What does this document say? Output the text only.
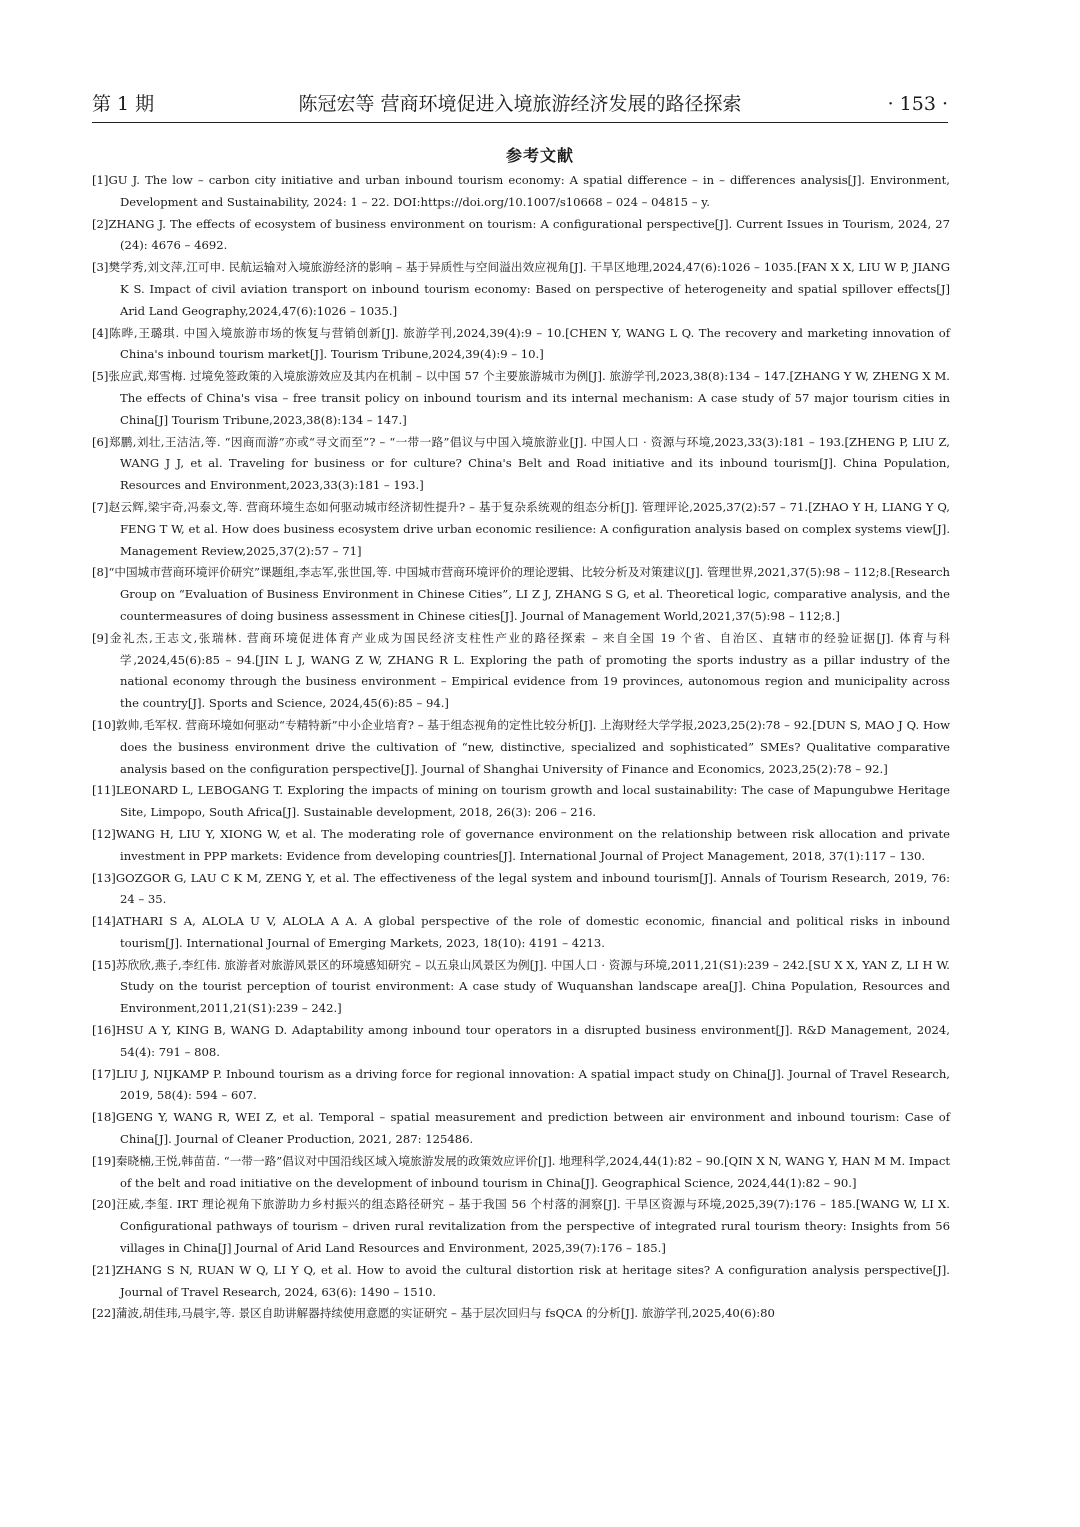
第 1 期	陈冠宏等 营商环境促进入境旅游经济发展的路径探索	· 153 ·
参考文献

[1]GU J. The low – carbon city initiative and urban inbound tourism economy: A spatial difference – in – differences analysis[J]. Environment, Development and Sustainability, 2024: 1 – 22. DOI:https://doi.org/10.1007/s10668 – 024 – 04815 – y.

[2]ZHANG J. The effects of ecosystem of business environment on tourism: A configurational perspective[J]. Current Issues in Tourism, 2024, 27 (24): 4676 – 4692.

[3]樊学秀,刘文萍,江可申. 民航运输对入境旅游经济的影响 – 基于异质性与空间溢出效应视角[J]. 干旱区地理,2024,47(6):1026 – 1035.[FAN X X, LIU W P, JIANG K S. Impact of civil aviation transport on inbound tourism economy: Based on perspective of heterogeneity and spatial spillover effects[J] Arid Land Geography,2024,47(6):1026 – 1035.]

[4]陈晔,王璐琪. 中国入境旅游市场的恢复与营销创新[J]. 旅游学刊,2024,39(4):9 – 10.[CHEN Y, WANG L Q. The recovery and marketing innovation of China's inbound tourism market[J]. Tourism Tribune,2024,39(4):9 – 10.]

[5]张应武,郑雪梅. 过境免签政策的入境旅游效应及其内在机制 – 以中国 57 个主要旅游城市为例[J]. 旅游学刊,2023,38(8):134 – 147.[ZHANG Y W, ZHENG X M. The effects of China's visa – free transit policy on inbound tourism and its internal mechanism: A case study of 57 major tourism cities in China[J] Tourism Tribune,2023,38(8):134 – 147.]

[6]郑鹏,刘壮,王洁洁,等. “因商而游”亦或“寻文而至”? – “一带一路”倡议与中国入境旅游业[J]. 中国人口 · 资源与环境,2023,33(3):181 – 193.[ZHENG P, LIU Z, WANG J J, et al. Traveling for business or for culture? China's Belt and Road initiative and its inbound tourism[J]. China Population, Resources and Environment,2023,33(3):181 – 193.]

[7]赵云辉,梁宇奇,冯泰文,等. 营商环境生态如何驱动城市经济韧性提升? – 基于复杂系统观的组态分析[J]. 管理评论,2025,37(2):57 – 71.[ZHAO Y H, LIANG Y Q, FENG T W, et al. How does business ecosystem drive urban economic resilience: A configuration analysis based on complex systems view[J]. Management Review,2025,37(2):57 – 71]

[8]“中国城市营商环境评价研究”课题组,李志军,张世国,等. 中国城市营商环境评价的理论逻辑、比较分析及对策建议[J]. 管理世界,2021,37(5):98 – 112;8.[Research Group on “Evaluation of Business Environment in Chinese Cities”, LI Z J, ZHANG S G, et al. Theoretical logic, comparative analysis, and the countermeasures of doing business assessment in Chinese cities[J]. Journal of Management World,2021,37(5):98 – 112;8.]

[9]金礼杰,王志文,张瑞林. 营商环境促进体育产业成为国民经济支柱性产业的路径探索 – 来自全国 19 个省、自治区、直辖市的经验证据[J]. 体育与科学,2024,45(6):85 – 94.[JIN L J, WANG Z W, ZHANG R L. Exploring the path of promoting the sports industry as a pillar industry of the national economy through the business environment – Empirical evidence from 19 provinces, autonomous region and municipality across the country[J]. Sports and Science, 2024,45(6):85 – 94.]

[10]敦帅,毛军权. 营商环境如何驱动“专精特新”中小企业培育? – 基于组态视角的定性比较分析[J]. 上海财经大学学报,2023,25(2):78 – 92.[DUN S, MAO J Q. How does the business environment drive the cultivation of “new, distinctive, specialized and sophisticated” SMEs? Qualitative comparative analysis based on the configuration perspective[J]. Journal of Shanghai University of Finance and Economics, 2023,25(2):78 – 92.]

[11]LEONARD L, LEBOGANG T. Exploring the impacts of mining on tourism growth and local sustainability: The case of Mapungubwe Heritage Site, Limpopo, South Africa[J]. Sustainable development, 2018, 26(3): 206 – 216.

[12]WANG H, LIU Y, XIONG W, et al. The moderating role of governance environment on the relationship between risk allocation and private investment in PPP markets: Evidence from developing countries[J]. International Journal of Project Management, 2018, 37(1):117 – 130.

[13]GOZGOR G, LAU C K M, ZENG Y, et al. The effectiveness of the legal system and inbound tourism[J]. Annals of Tourism Research, 2019, 76: 24 – 35.

[14]ATHARI S A, ALOLA U V, ALOLA A A. A global perspective of the role of domestic economic, financial and political risks in inbound tourism[J]. International Journal of Emerging Markets, 2023, 18(10): 4191 – 4213.

[15]苏欣欣,燕子,李红伟. 旅游者对旅游风景区的环境感知研究 – 以五泉山风景区为例[J]. 中国人口 · 资源与环境,2011,21(S1):239 – 242.[SU X X, YAN Z, LI H W. Study on the tourist perception of tourist environment: A case study of Wuquanshan landscape area[J]. China Population, Resources and Environment,2011,21(S1):239 – 242.]

[16]HSU A Y, KING B, WANG D. Adaptability among inbound tour operators in a disrupted business environment[J]. R&D Management, 2024, 54(4): 791 – 808.

[17]LIU J, NIJKAMP P. Inbound tourism as a driving force for regional innovation: A spatial impact study on China[J]. Journal of Travel Research, 2019, 58(4): 594 – 607.

[18]GENG Y, WANG R, WEI Z, et al. Temporal – spatial measurement and prediction between air environment and inbound tourism: Case of China[J]. Journal of Cleaner Production, 2021, 287: 125486.

[19]秦晓楠,王悦,韩苗苗. “一带一路”倡议对中国沿线区域入境旅游发展的政策效应评价[J]. 地理科学,2024,44(1):82 – 90.[QIN X N, WANG Y, HAN M M. Impact of the belt and road initiative on the development of inbound tourism in China[J]. Geographical Science, 2024,44(1):82 – 90.]

[20]汪威,李玺. IRT 理论视角下旅游助力乡村振兴的组态路径研究 – 基于我国 56 个村落的洞察[J]. 干旱区资源与环境,2025,39(7):176 – 185.[WANG W, LI X. Configurational pathways of tourism – driven rural revitalization from the perspective of integrated rural tourism theory: Insights from 56 villages in China[J] Journal of Arid Land Resources and Environment, 2025,39(7):176 – 185.]

[21]ZHANG S N, RUAN W Q, LI Y Q, et al. How to avoid the cultural distortion risk at heritage sites? A configuration analysis perspective[J]. Journal of Travel Research, 2024, 63(6): 1490 – 1510.

[22]蒲波,胡佳玮,马晨宇,等. 景区自助讲解器持续使用意愿的实证研究 – 基于层次回归与 fsQCA 的分析[J]. 旅游学刊,2025,40(6):80
